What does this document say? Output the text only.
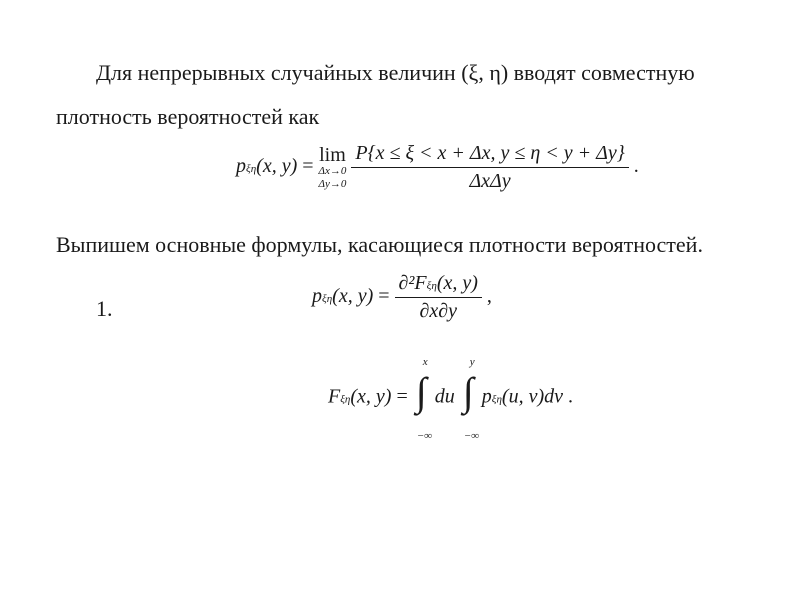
Для непрерывных случайных величин (ξ, η) вводят совместную
плотность вероятностей как
pξη(x, y) =
lim
Δx→0
Δy→0
$\frac{P\{x \le \xi < x + \Delta x, y \le \eta < y + \Delta y\}}{\text{ΔxΔy}}$ .
Выпишем основные формулы, касающиеся плотности вероятностей.
1.	pξη(x, $y) = \frac{\text{∂²Fξη(x, y)}}{\partial x\partial y}$ ,
Fξη(x, y) =
x
∫
−∞
du
y
∫
−∞
pξη(u, v)dv .
